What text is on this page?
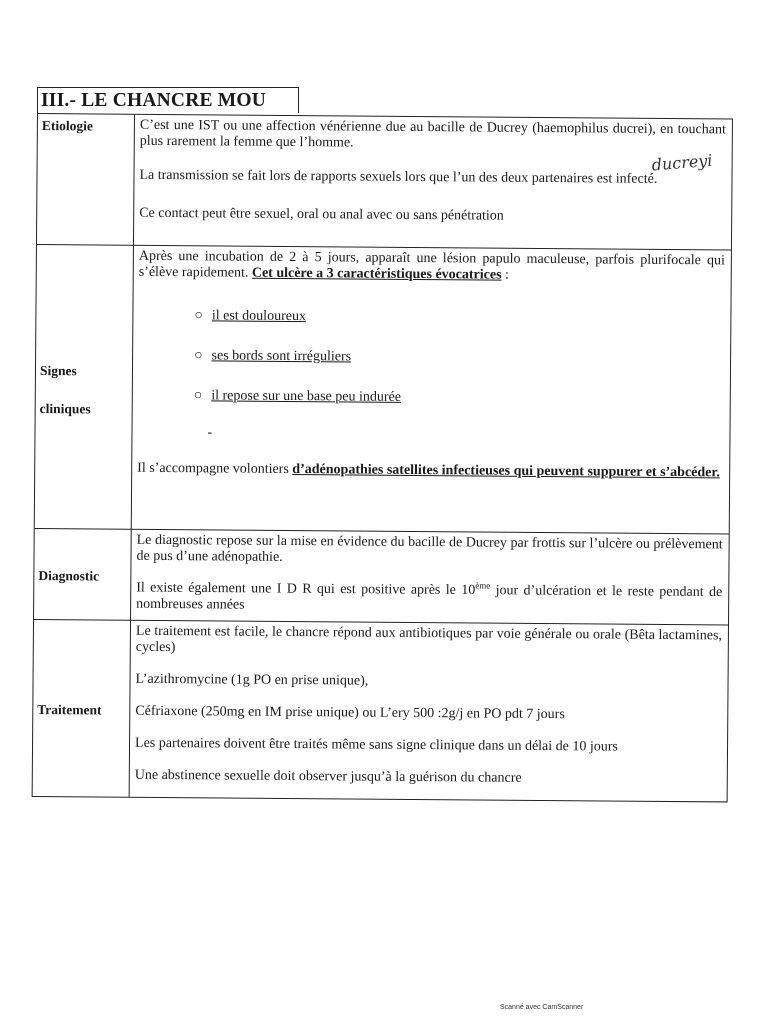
III.- LE CHANCRE MOU
Etiologie	C’est une IST ou une affection vénérienne due au bacille de Ducrey (haemophilus ducrei), en touchant plus rarement la femme que l’homme.

La transmission se fait lors de rapports sexuels lors que l’un des deux partenaires est infecté.

Ce contact peut être sexuel, oral ou anal avec ou sans pénétration

ducreyi
Signes
cliniques

Après une incubation de 2 à 5 jours, apparaît une lésion papulo maculeuse, parfois plurifocale qui s’élève rapidement. Cet ulcère a 3 caractéristiques évocatrices :

○ il est douloureux
○ ses bords sont irréguliers
○ il repose sur une base peu indurée
-

Il s’accompagne volontiers d’adénopathies satellites infectieuses qui peuvent suppurer et s’abcéder.

Diagnostic

Le diagnostic repose sur la mise en évidence du bacille de Ducrey par frottis sur l’ulcère ou prélèvement de pus d’une adénopathie.

Il existe également une I D R qui est positive après le 10ème jour d’ulcération et le reste pendant de nombreuses années

Traitement

Le traitement est facile, le chancre répond aux antibiotiques par voie générale ou orale (Bêta lactamines, cycles)

L’azithromycine (1g PO en prise unique),

Céfriaxone (250mg en IM prise unique) ou L’ery 500 :2g/j en PO pdt 7 jours

Les partenaires doivent être traités même sans signe clinique dans un délai de 10 jours

Une abstinence sexuelle doit observer jusqu’à la guérison du chancre

Scanné avec CamScanner
